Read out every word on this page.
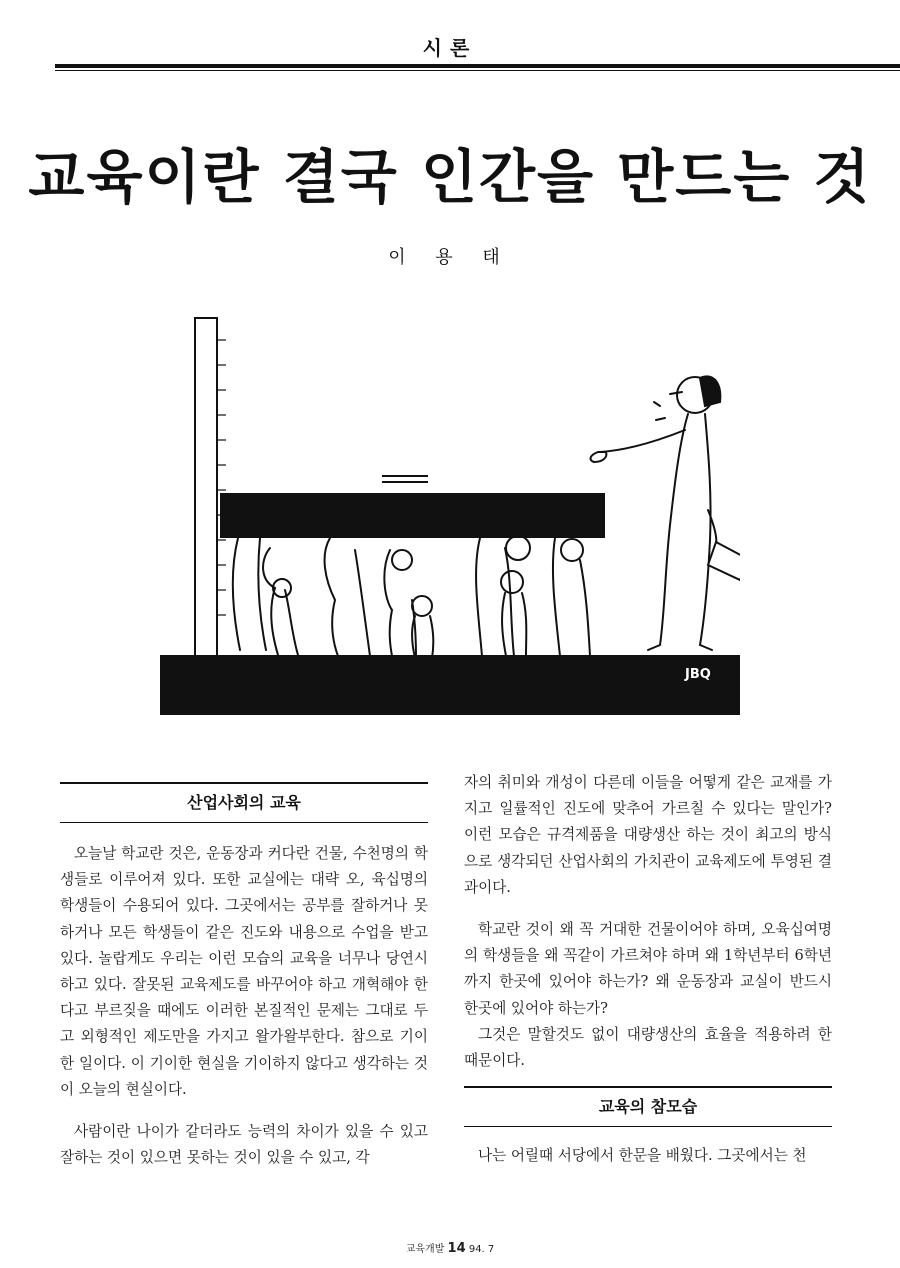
시론
교육이란 결국 인간을 만드는 것
이 용 태
JBQ
산업사회의 교육

오늘날 학교란 것은, 운동장과 커다란 건물, 수천명의 학생들로 이루어져 있다. 또한 교실에는 대략 오, 육십명의 학생들이 수용되어 있다. 그곳에서는 공부를 잘하거나 못하거나 모든 학생들이 같은 진도와 내용으로 수업을 받고 있다. 놀랍게도 우리는 이런 모습의 교육을 너무나 당연시 하고 있다. 잘못된 교육제도를 바꾸어야 하고 개혁해야 한다고 부르짖을 때에도 이러한 본질적인 문제는 그대로 두고 외형적인 제도만을 가지고 왈가왈부한다. 참으로 기이한 일이다. 이 기이한 현실을 기이하지 않다고 생각하는 것이 오늘의 현실이다.

사람이란 나이가 같더라도 능력의 차이가 있을 수 있고 잘하는 것이 있으면 못하는 것이 있을 수 있고, 각

자의 취미와 개성이 다른데 이들을 어떻게 같은 교재를 가지고 일률적인 진도에 맞추어 가르칠 수 있다는 말인가? 이런 모습은 규격제품을 대량생산 하는 것이 최고의 방식으로 생각되던 산업사회의 가치관이 교육제도에 투영된 결과이다.

학교란 것이 왜 꼭 거대한 건물이어야 하며, 오육십여명의 학생들을 왜 꼭같이 가르쳐야 하며 왜 1학년부터 6학년까지 한곳에 있어야 하는가? 왜 운동장과 교실이 반드시 한곳에 있어야 하는가?

그것은 말할것도 없이 대량생산의 효율을 적용하려 한 때문이다.

교육의 참모습

나는 어릴때 서당에서 한문을 배웠다. 그곳에서는 천

교육개발 14 94. 7
